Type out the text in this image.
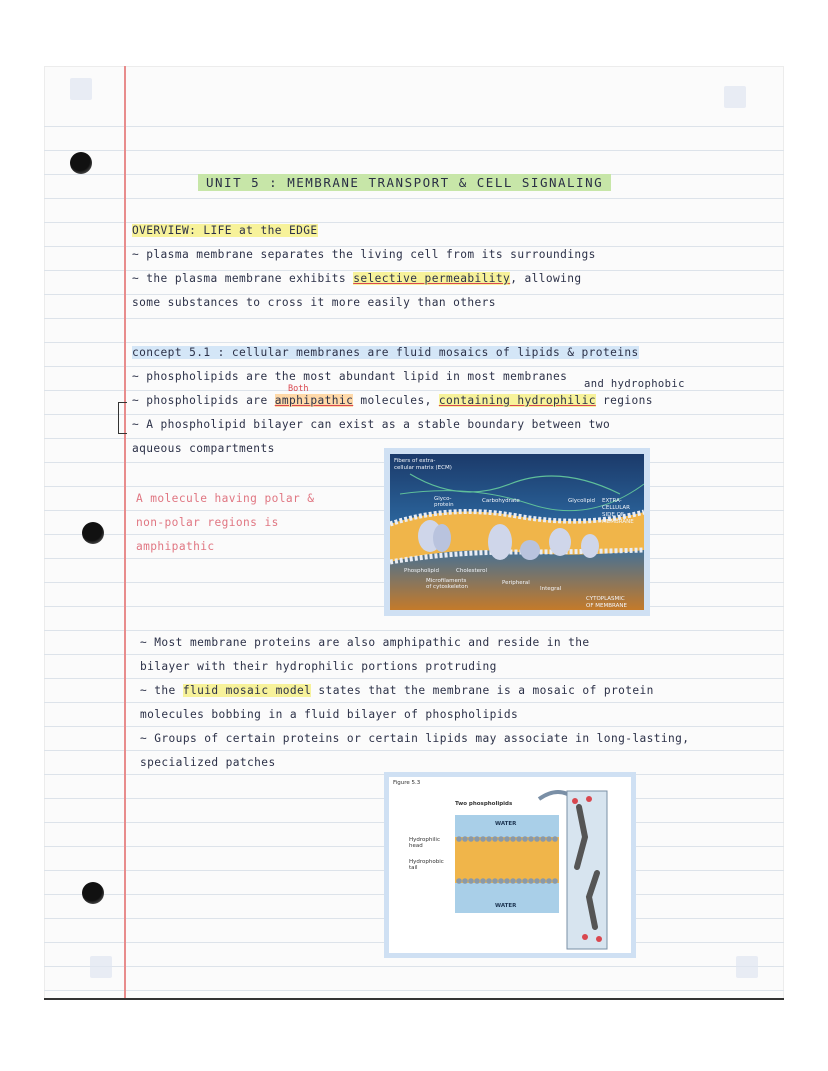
UNIT 5 : MEMBRANE TRANSPORT & CELL SIGNALING
OVERVIEW: LIFE at the EDGE
~ plasma membrane separates the living cell from its surroundings
~ the plasma membrane exhibits selective permeability, allowing
some substances to cross it more easily than others
concept 5.1 : cellular membranes are fluid mosaics of lipids & proteins
~ phospholipids are the most abundant lipid in most membranes
and hydrophobic
Both
~ phospholipids are amphipathic molecules, containing hydrophilic regions
~ A phospholipid bilayer can exist as a stable boundary between two
aqueous compartments
A molecule having polar &
non-polar regions is
amphipathic
Fibers of extra-
cellular matrix (ECM)
Glyco-
protein
Carbohydrate	Glycolipid EXTRA-
CELLULAR
SIDE OF
MEMBRANE
Phospholipid	Cholesterol
Microfilaments
of cytoskeleton
Peripheral
Integral
CYTOPLASMIC
OF MEMBRANE
~ Most membrane proteins are also amphipathic and reside in the
bilayer with their hydrophilic portions protruding
~ the fluid mosaic model states that the membrane is a mosaic of protein
molecules bobbing in a fluid bilayer of phospholipids
~ Groups of certain proteins or certain lipids may associate in long-lasting,
specialized patches
Figure 5.3
Two phospholipids
Hydrophilic
head
Hydrophobic
tail
WATER
WATER
